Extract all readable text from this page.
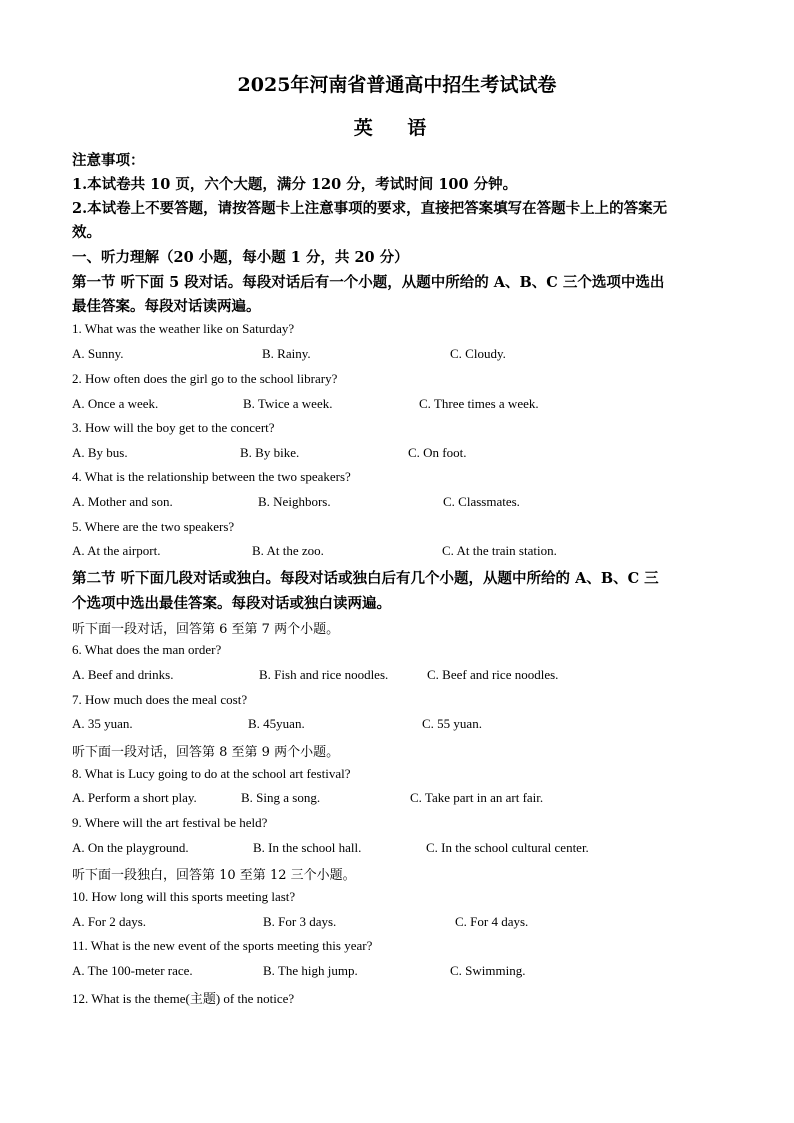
2025年河南省普通高中招生考试试卷
英 语
注意事项：
1.本试卷共 10 页，六个大题，满分 120 分，考试时间 100 分钟。
2.本试卷上不要答题，请按答题卡上注意事项的要求，直接把答案填写在答题卡上上的答案无
效。
一、听力理解（20 小题，每小题 1 分，共 20 分）
第一节 听下面 5 段对话。每段对话后有一个小题，从题中所给的 A、B、C 三个选项中选出
最佳答案。每段对话读两遍。
1. What was the weather like on Saturday?
A. Sunny.	B. Rainy.	C. Cloudy.
2. How often does the girl go to the school library?
A. Once a week.	B. Twice a week.	C. Three times a week.
3. How will the boy get to the concert?
A. By bus.	B. By bike.	C. On foot.
4. What is the relationship between the two speakers?
A. Mother and son.	B. Neighbors.	C. Classmates.
5. Where are the two speakers?
A. At the airport.	B. At the zoo.	C. At the train station.
第二节 听下面几段对话或独白。每段对话或独白后有几个小题，从题中所给的 A、B、C 三
个选项中选出最佳答案。每段对话或独白读两遍。
听下面一段对话，回答第 6 至第 7 两个小题。
6. What does the man order?
A. Beef and drinks.	B. Fish and rice noodles.	C. Beef and rice noodles.
7. How much does the meal cost?
A. 35 yuan.	B. 45yuan.	C. 55 yuan.
听下面一段对话，回答第 8 至第 9 两个小题。
8. What is Lucy going to do at the school art festival?
A. Perform a short play.	B. Sing a song.	C. Take part in an art fair.
9. Where will the art festival be held?
A. On the playground.	B. In the school hall.	C. In the school cultural center.
听下面一段独白，回答第 10 至第 12 三个小题。
10. How long will this sports meeting last?
A. For 2 days.	B. For 3 days.	C. For 4 days.
11. What is the new event of the sports meeting this year?
A. The 100-meter race.	B. The high jump.	C. Swimming.
12. What is the theme(主题) of the notice?
